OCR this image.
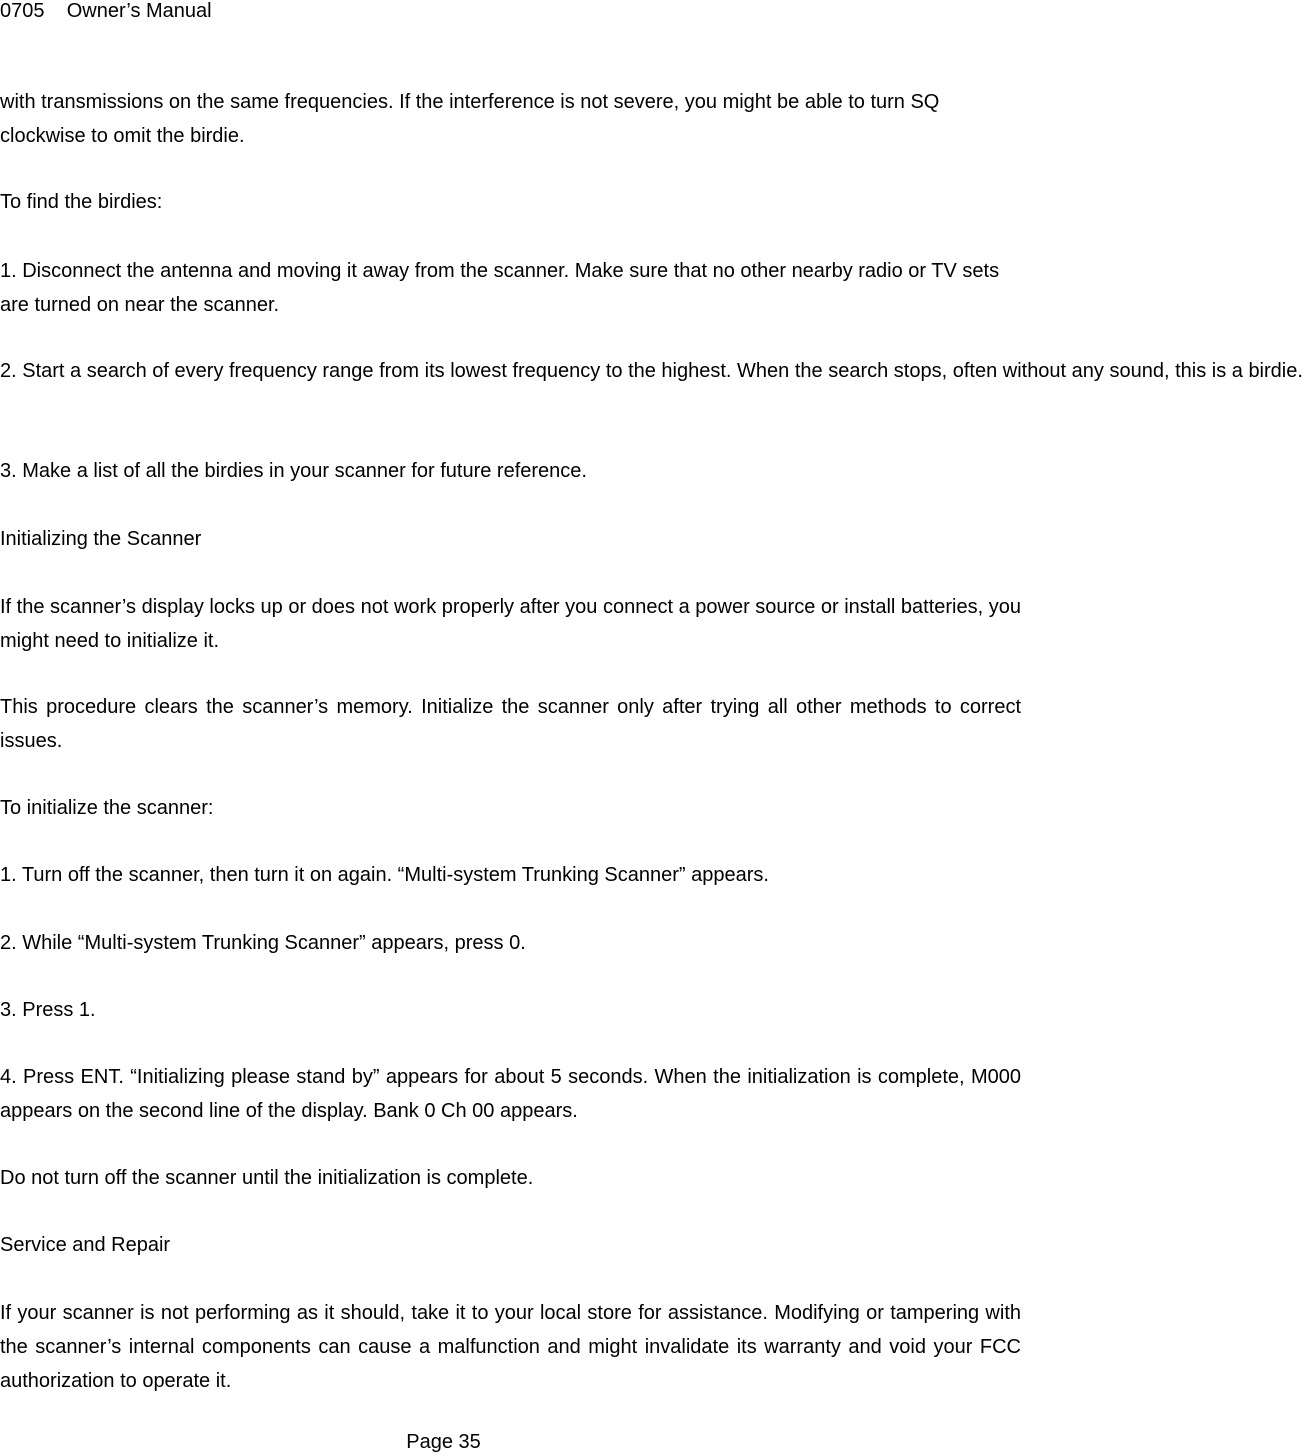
0705 Owner’s Manual

with transmissions on the same frequencies. If the interference is not severe, you might be able to turn SQ clockwise to omit the birdie.

To find the birdies:

1. Disconnect the antenna and moving it away from the scanner. Make sure that no other nearby radio or TV sets are turned on near the scanner.

2. Start a search of every frequency range from its lowest frequency to the highest. When the search stops, often without any sound, this is a birdie.

3. Make a list of all the birdies in your scanner for future reference.

Initializing the Scanner

If the scanner’s display locks up or does not work properly after you connect a power source or install batteries, you might need to initialize it.

This procedure clears the scanner’s memory. Initialize the scanner only after trying all other methods to correct issues.

To initialize the scanner:

1. Turn off the scanner, then turn it on again. “Multi-system Trunking Scanner” appears.

2. While “Multi-system Trunking Scanner” appears, press 0.

3. Press 1.

4. Press ENT. “Initializing please stand by” appears for about 5 seconds. When the initialization is complete, M000 appears on the second line of the display. Bank 0 Ch 00 appears.

Do not turn off the scanner until the initialization is complete.

Service and Repair

If your scanner is not performing as it should, take it to your local store for assistance. Modifying or tampering with the scanner’s internal components can cause a malfunction and might invalidate its warranty and void your FCC authorization to operate it.

Page 35
